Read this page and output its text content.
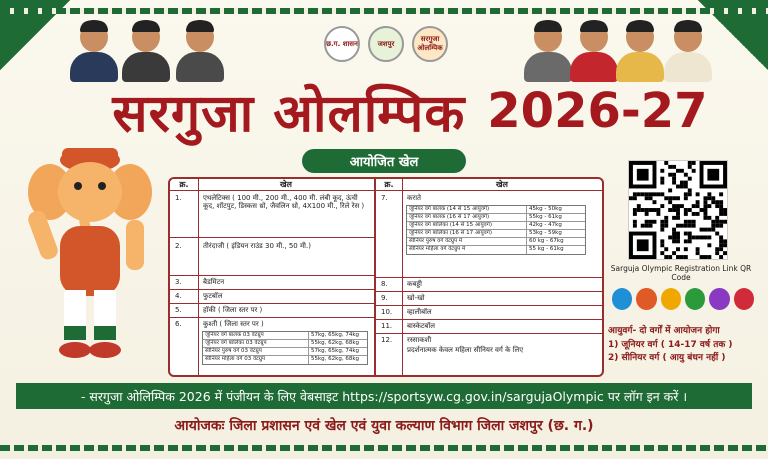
छ.ग. शासन	जशपुर
सरगुजा ओलम्पिक
सरगुजा ओलम्पिक 2026-27
आयोजित खेल
क्र.	खेल	क्र.	खेल
1.	एथलेटिक्स ( 100 मी., 200 मी., 400 मी. लंबी कूद, ऊंची कूद, शॉटपुट, डिस्कस थ्रो, जैवलिन थ्रो, 4X100 मी., रिले रेस )
2.	तीरंदाजी ( इंडियन राउंड 30 मी., 50 मी.)
3.	बैडमिंटन
4.	फुटबॉल
5.	हॉकी ( जिला स्तर पर )
6.	कुश्ती ( जिला स्तर पर )
जूनियर वर्ग बालक 03 वेटग्रुप	57kg, 65kg, 74kg
जूनियर वर्ग बालिका 03 वेटग्रुप	55kg, 62kg, 68kg
सीनियर पुरुष वर्ग 03 वेटग्रुप	57kg, 65kg, 74kg
सीनियर महिला वर्ग 03 वेटग्रुप	55kg, 62kg, 68kg
7.	कराते
जूनियर वर्ग बालक (14 से 15 आयुवर्ग)	45kg - 50kg
जूनियर वर्ग बालक (16 से 17 आयुवर्ग)	55kg - 61kg
जूनियर वर्ग बालिका (14 से 15 आयुवर्ग)	42kg - 47kg
जूनियर वर्ग बालिका (16 से 17 आयुवर्ग)	53kg - 59kg
सीनियर पुरुष वर्ग वेटग्रुप में	60 kg - 67kg
सीनियर महिला वर्ग वेटग्रुप में	55 kg - 61kg
8.	कबड्डी
9.	खो-खो
10.	व्हालीबॉल
11.	बास्केटबॉल
12.	रस्साकशी
प्रदर्शनात्मक केवल महिला सीनियर वर्ग के लिए
Sarguja Olympic Registration Link QR Code
आयुवर्ग- दो वर्गों में आयोजन होगा
1) जूनियर वर्ग ( 14-17 वर्ष तक )
2) सीनियर वर्ग ( आयु बंधन नहीं )
- सरगुजा ओलिम्पिक 2026 में पंजीयन के लिए वेबसाइट https://sportsyw.cg.gov.in/sargujaOlympic पर लॉग इन करें ।
आयोजकः जिला प्रशासन एवं खेल एवं युवा कल्याण विभाग जिला जशपुर (छ. ग.)
